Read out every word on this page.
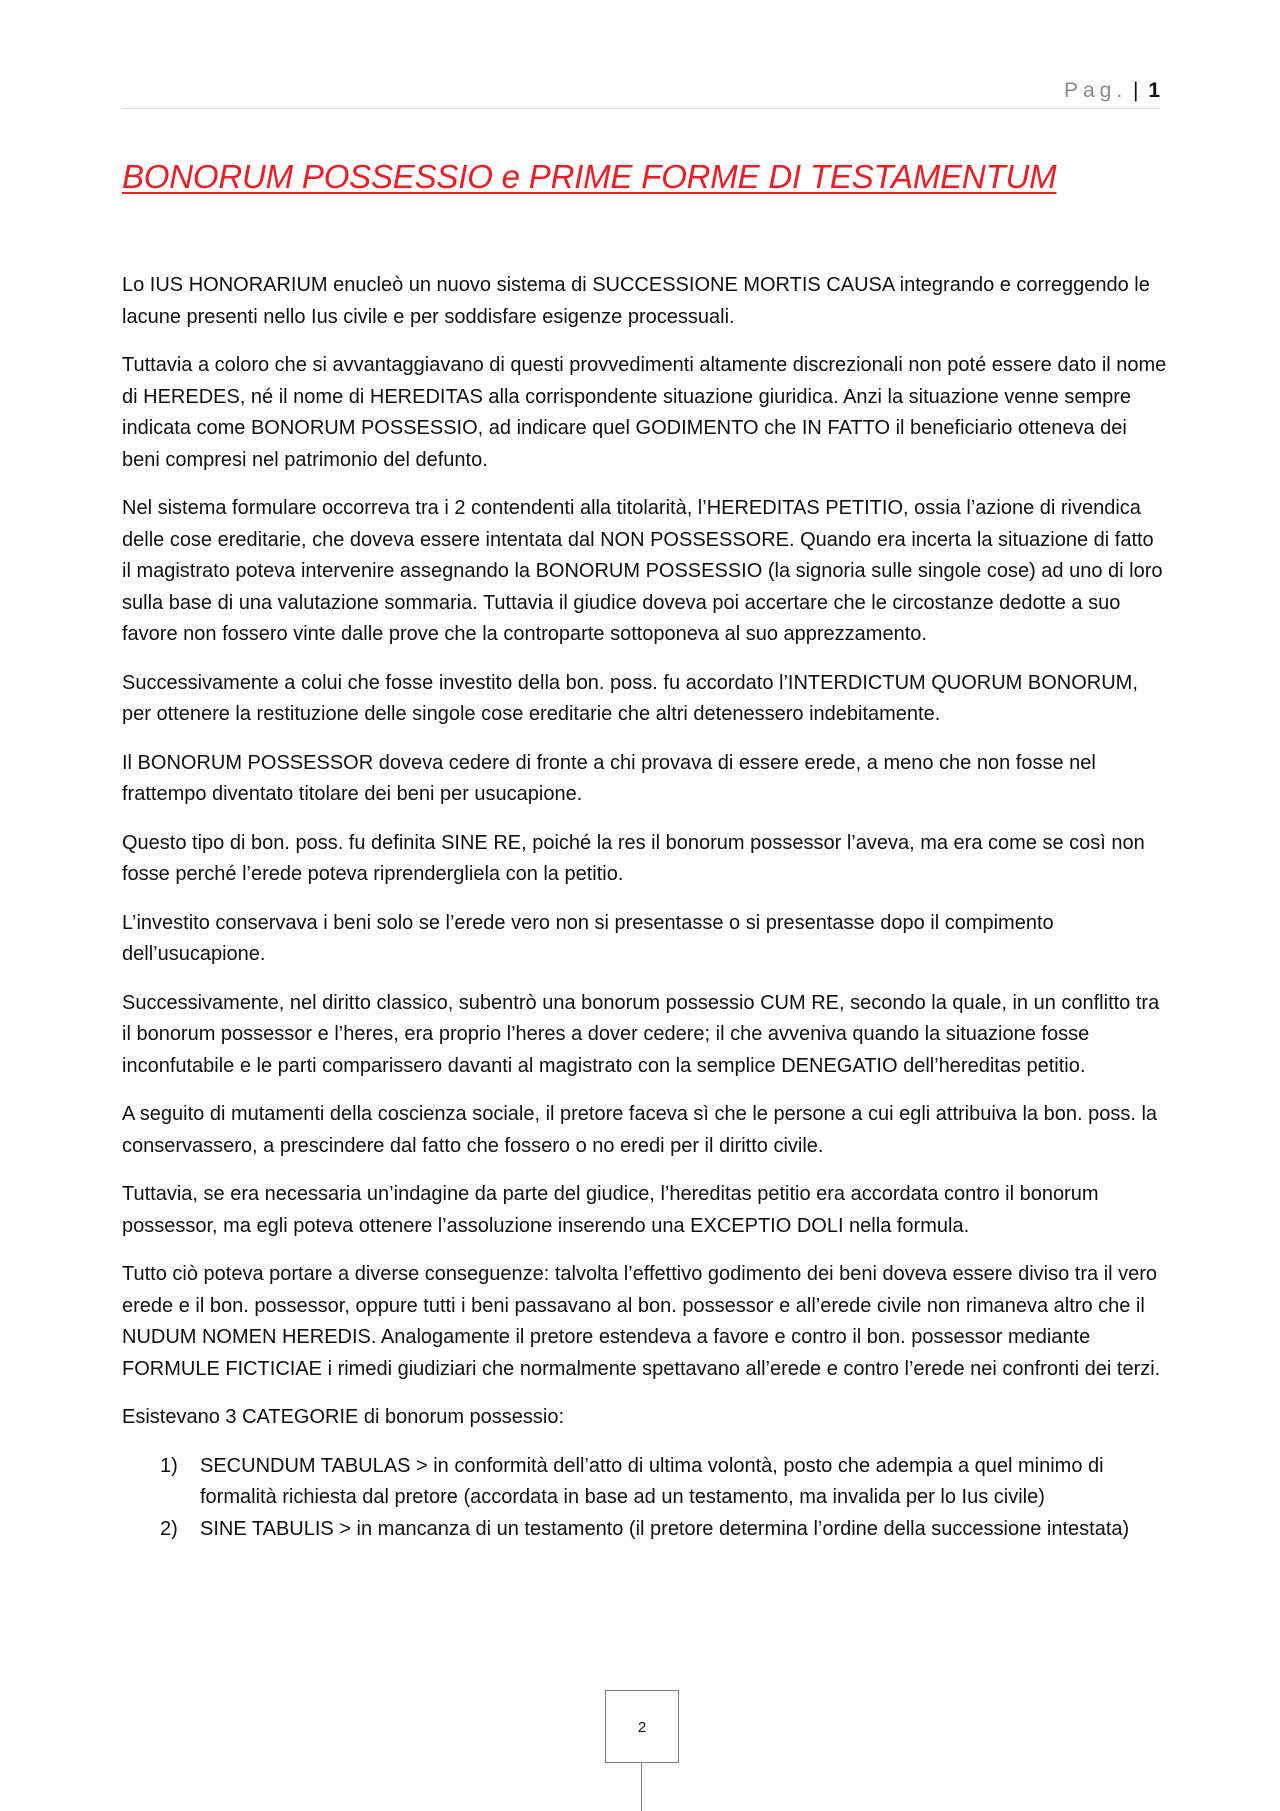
Pag. | 1
BONORUM POSSESSIO e PRIME FORME DI TESTAMENTUM

Lo IUS HONORARIUM enucleò un nuovo sistema di SUCCESSIONE MORTIS CAUSA integrando e correggendo le lacune presenti nello Ius civile e per soddisfare esigenze processuali.

Tuttavia a coloro che si avvantaggiavano di questi provvedimenti altamente discrezionali non poté essere dato il nome di HEREDES, né il nome di HEREDITAS alla corrispondente situazione giuridica. Anzi la situazione venne sempre indicata come BONORUM POSSESSIO, ad indicare quel GODIMENTO che IN FATTO il beneficiario otteneva dei beni compresi nel patrimonio del defunto.

Nel sistema formulare occorreva tra i 2 contendenti alla titolarità, l’HEREDITAS PETITIO, ossia l’azione di rivendica delle cose ereditarie, che doveva essere intentata dal NON POSSESSORE. Quando era incerta la situazione di fatto il magistrato poteva intervenire assegnando la BONORUM POSSESSIO (la signoria sulle singole cose) ad uno di loro sulla base di una valutazione sommaria. Tuttavia il giudice doveva poi accertare che le circostanze dedotte a suo favore non fossero vinte dalle prove che la controparte sottoponeva al suo apprezzamento.

Successivamente a colui che fosse investito della bon. poss. fu accordato l’INTERDICTUM QUORUM BONORUM, per ottenere la restituzione delle singole cose ereditarie che altri detenessero indebitamente.

Il BONORUM POSSESSOR doveva cedere di fronte a chi provava di essere erede, a meno che non fosse nel frattempo diventato titolare dei beni per usucapione.

Questo tipo di bon. poss. fu definita SINE RE, poiché la res il bonorum possessor l’aveva, ma era come se così non fosse perché l’erede poteva riprendergliela con la petitio.

L’investito conservava i beni solo se l’erede vero non si presentasse o si presentasse dopo il compimento dell’usucapione.

Successivamente, nel diritto classico, subentrò una bonorum possessio CUM RE, secondo la quale, in un conflitto tra il bonorum possessor e l’heres, era proprio l’heres a dover cedere; il che avveniva quando la situazione fosse inconfutabile e le parti comparissero davanti al magistrato con la semplice DENEGATIO dell’hereditas petitio.

A seguito di mutamenti della coscienza sociale, il pretore faceva sì che le persone a cui egli attribuiva la bon. poss. la conservassero, a prescindere dal fatto che fossero o no eredi per il diritto civile.

Tuttavia, se era necessaria un’indagine da parte del giudice, l’hereditas petitio era accordata contro il bonorum possessor, ma egli poteva ottenere l’assoluzione inserendo una EXCEPTIO DOLI nella formula.

Tutto ciò poteva portare a diverse conseguenze: talvolta l’effettivo godimento dei beni doveva essere diviso tra il vero erede e il bon. possessor, oppure tutti i beni passavano al bon. possessor e all’erede civile non rimaneva altro che il NUDUM NOMEN HEREDIS. Analogamente il pretore estendeva a favore e contro il bon. possessor mediante FORMULE FICTICIAE i rimedi giudiziari che normalmente spettavano all’erede e contro l’erede nei confronti dei terzi.

Esistevano 3 CATEGORIE di bonorum possessio:

1) SECUNDUM TABULAS > in conformità dell’atto di ultima volontà, posto che adempia a quel minimo di formalità richiesta dal pretore (accordata in base ad un testamento, ma invalida per lo Ius civile)
2) SINE TABULIS > in mancanza di un testamento (il pretore determina l’ordine della successione intestata)
2
